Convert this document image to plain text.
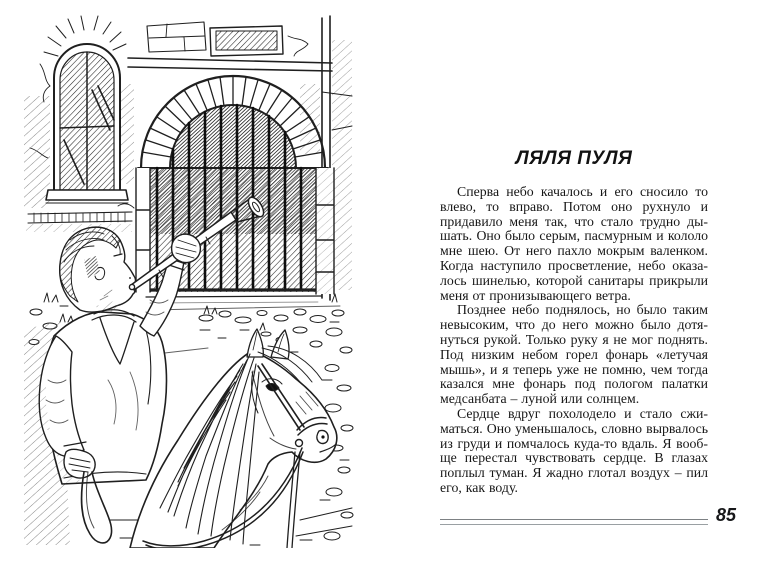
ЛЯЛЯ ПУЛЯ

Сперва небо качалось и его сносило то влево, то вправо. Потом оно рухнуло и придавило меня так, что стало трудно дышать. Оно было серым, пасмурным и кололо мне шею. От него пахло мокрым валенком. Когда наступило просветление, небо оказалось шинелью, которой санитары прикрыли меня от пронизывающего ветра.

Позднее небо поднялось, но было таким невысоким, что до него можно было дотянуться рукой. Только руку я не мог поднять. Под низким небом горел фонарь «летучая мышь», и я теперь уже не помню, чем тогда казался мне фонарь под пологом палатки медсанбата – луной или солнцем.

Сердце вдруг похолодело и стало сжиматься. Оно уменьшалось, словно вырвалось из груди и помчалось куда-то вдаль. Я вообще перестал чувствовать сердце. В глазах поплыл туман. Я жадно глотал воздух – пил его, как воду.

85
